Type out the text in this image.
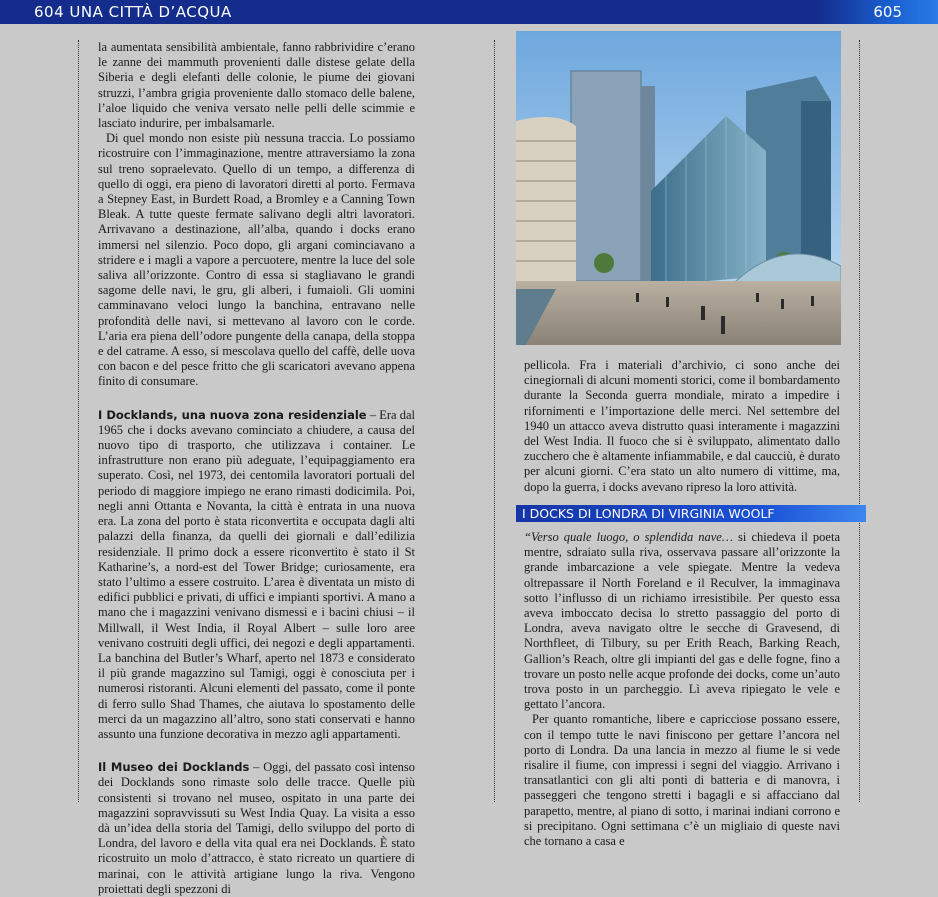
604 UNA CITTÀ D’ACQUA	605

la aumentata sensibilità ambientale, fanno rabbrividire c’erano le zanne dei mammuth provenienti dalle distese gelate della Siberia e degli elefanti delle colonie, le piume dei giovani struzzi, l’ambra grigia proveniente dallo stomaco delle balene, l’aloe liquido che veniva versato nelle pelli delle scimmie e lasciato indurire, per imbalsamarle.

Di quel mondo non esiste più nessuna traccia. Lo possiamo ricostruire con l’immaginazione, mentre attraversiamo la zona sul treno sopraelevato. Quello di un tempo, a differenza di quello di oggi, era pieno di lavoratori diretti al porto. Fermava a Stepney East, in Burdett Road, a Bromley e a Canning Town Bleak. A tutte queste fermate salivano degli altri lavoratori. Arrivavano a destinazione, all’alba, quando i docks erano immersi nel silenzio. Poco dopo, gli argani cominciavano a stridere e i magli a vapore a percuotere, mentre la luce del sole saliva all’orizzonte. Contro di essa si stagliavano le grandi sagome delle navi, le gru, gli alberi, i fumaioli. Gli uomini camminavano veloci lungo la banchina, entravano nelle profondità delle navi, si mettevano al lavoro con le corde. L’aria era piena dell’odore pungente della canapa, della stoppa e del catrame. A esso, si mescolava quello del caffè, delle uova con bacon e del pesce fritto che gli scaricatori avevano appena finito di consumare.

I Docklands, una nuova zona residenziale – Era dal 1965 che i docks avevano cominciato a chiudere, a causa del nuovo tipo di trasporto, che utilizzava i container. Le infrastrutture non erano più adeguate, l’equipaggiamento era superato. Così, nel 1973, dei centomila lavoratori portuali del periodo di maggiore impiego ne erano rimasti dodicimila. Poi, negli anni Ottanta e Novanta, la città è entrata in una nuova era. La zona del porto è stata riconvertita e occupata dagli alti palazzi della finanza, da quelli dei giornali e dall’edilizia residenziale. Il primo dock a essere riconvertito è stato il St Katharine’s, a nord-est del Tower Bridge; curiosamente, era stato l’ultimo a essere costruito. L’area è diventata un misto di edifici pubblici e privati, di uffici e impianti sportivi. A mano a mano che i magazzini venivano dismessi e i bacini chiusi – il Millwall, il West India, il Royal Albert – sulle loro aree venivano costruiti degli uffici, dei negozi e degli appartamenti. La banchina del Butler’s Wharf, aperto nel 1873 e considerato il più grande magazzino sul Tamigi, oggi è conosciuta per i numerosi ristoranti. Alcuni elementi del passato, come il ponte di ferro sullo Shad Thames, che aiutava lo spostamento delle merci da un magazzino all’altro, sono stati conservati e hanno assunto una funzione decorativa in mezzo agli appartamenti.

Il Museo dei Docklands – Oggi, del passato così intenso dei Docklands sono rimaste solo delle tracce. Quelle più consistenti si trovano nel museo, ospitato in una parte dei magazzini sopravvissuti su West India Quay. La visita a esso dà un’idea della storia del Tamigi, dello sviluppo del porto di Londra, del lavoro e della vita qual era nei Docklands. È stato ricostruito un molo d’attracco, è stato ricreato un quartiere di marinai, con le attività artigiane lungo la riva. Vengono proiettati degli spezzoni di

pellicola. Fra i materiali d’archivio, ci sono anche dei cinegiornali di alcuni momenti storici, come il bombardamento durante la Seconda guerra mondiale, mirato a impedire i rifornimenti e l’importazione delle merci. Nel settembre del 1940 un attacco aveva distrutto quasi interamente i magazzini del West India. Il fuoco che si è sviluppato, alimentato dallo zucchero che è altamente infiammabile, e dal caucciù, è durato per alcuni giorni. C’era stato un alto numero di vittime, ma, dopo la guerra, i docks avevano ripreso la loro attività.

I DOCKS DI LONDRA DI VIRGINIA WOOLF

“Verso quale luogo, o splendida nave… si chiedeva il poeta mentre, sdraiato sulla riva, osservava passare all’orizzonte la grande imbarcazione a vele spiegate. Mentre la vedeva oltrepassare il North Foreland e il Reculver, la immaginava sotto l’influsso di un richiamo irresistibile. Per questo essa aveva imboccato decisa lo stretto passaggio del porto di Londra, aveva navigato oltre le secche di Gravesend, di Northfleet, di Tilbury, su per Erith Reach, Barking Reach, Gallion’s Reach, oltre gli impianti del gas e delle fogne, fino a trovare un posto nelle acque profonde dei docks, come un’auto trova posto in un parcheggio. Lì aveva ripiegato le vele e gettato l’ancora.

Per quanto romantiche, libere e capricciose possano essere, con il tempo tutte le navi finiscono per gettare l’ancora nel porto di Londra. Da una lancia in mezzo al fiume le si vede risalire il fiume, con impressi i segni del viaggio. Arrivano i transatlantici con gli alti ponti di batteria e di manovra, i passeggeri che tengono stretti i bagagli e si affacciano dal parapetto, mentre, al piano di sotto, i marinai indiani corrono e si precipitano. Ogni settimana c’è un migliaio di queste navi che tornano a casa e
